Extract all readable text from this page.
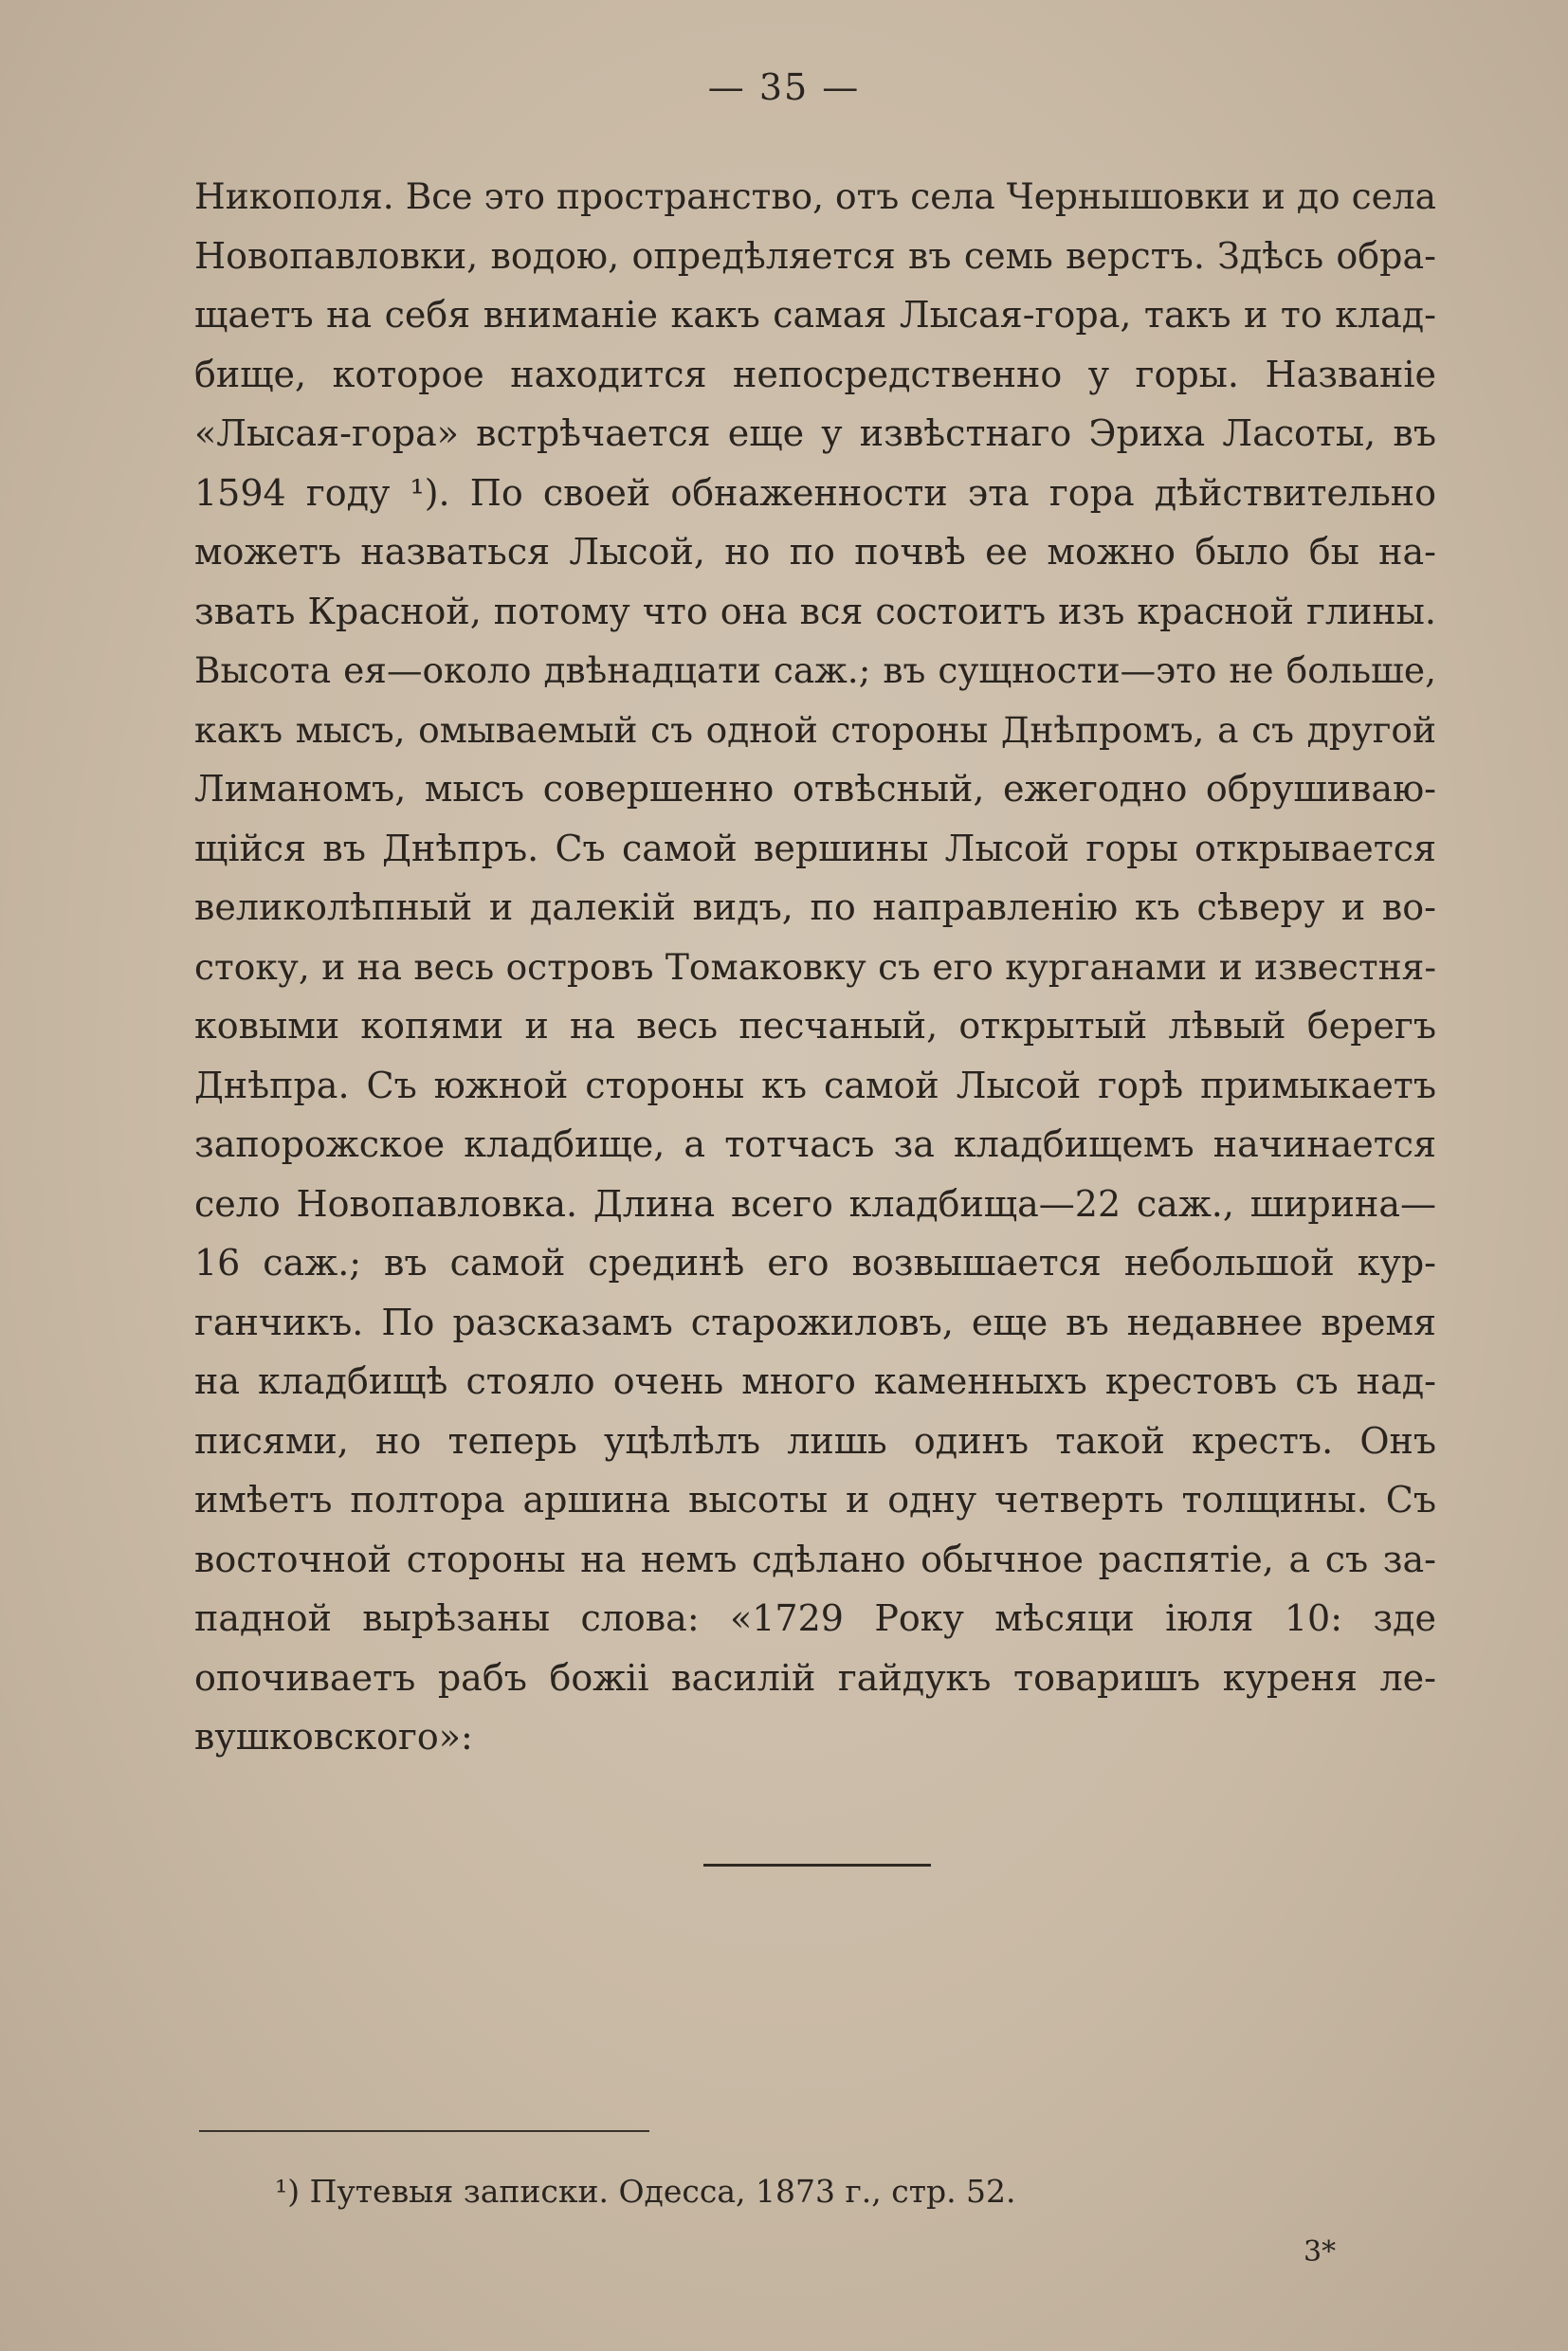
— 35 —
Никополя. Все это пространство, отъ села Чернышовки и до села
Новопавловки, водою, опредѣляется въ семь верстъ. Здѣсь обра-
щаетъ на себя вниманіе какъ самая Лысая-гора, такъ и то клад-
бище, которое находится непосредственно у горы. Названіе
«Лысая-гора» встрѣчается еще у извѣстнаго Эриха Ласоты, въ
1594 году ¹). По своей обнаженности эта гора дѣйствительно
можетъ назваться Лысой, но по почвѣ ее можно было бы на-
звать Красной, потому что она вся состоитъ изъ красной глины.
Высота ея—около двѣнадцати саж.; въ сущности—это не больше,
какъ мысъ, омываемый съ одной стороны Днѣпромъ, а съ другой
Лиманомъ, мысъ совершенно отвѣсный, ежегодно обрушиваю-
щійся въ Днѣпръ. Съ самой вершины Лысой горы открывается
великолѣпный и далекій видъ, по направленію къ сѣверу и во-
стоку, и на весь островъ Томаковку съ его курганами и известня-
ковыми копями и на весь песчаный, открытый лѣвый берегъ
Днѣпра. Съ южной стороны къ самой Лысой горѣ примыкаетъ
запорожское кладбище, а тотчасъ за кладбищемъ начинается
село Новопавловка. Длина всего кладбища—22 саж., ширина—
16 саж.; въ самой срединѣ его возвышается небольшой кур-
ганчикъ. По разсказамъ старожиловъ, еще въ недавнее время
на кладбищѣ стояло очень много каменныхъ крестовъ съ над-
писями, но теперь уцѣлѣлъ лишь одинъ такой крестъ. Онъ
имѣетъ полтора аршина высоты и одну четверть толщины. Съ
восточной стороны на немъ сдѣлано обычное распятіе, а съ за-
падной вырѣзаны слова: «1729 Року мѣсяци іюля 10: зде
опочиваетъ рабъ божіі василій гайдукъ товаришъ куреня ле-
вушковского»:
¹) Путевыя записки. Одесса, 1873 г., стр. 52.
3*
